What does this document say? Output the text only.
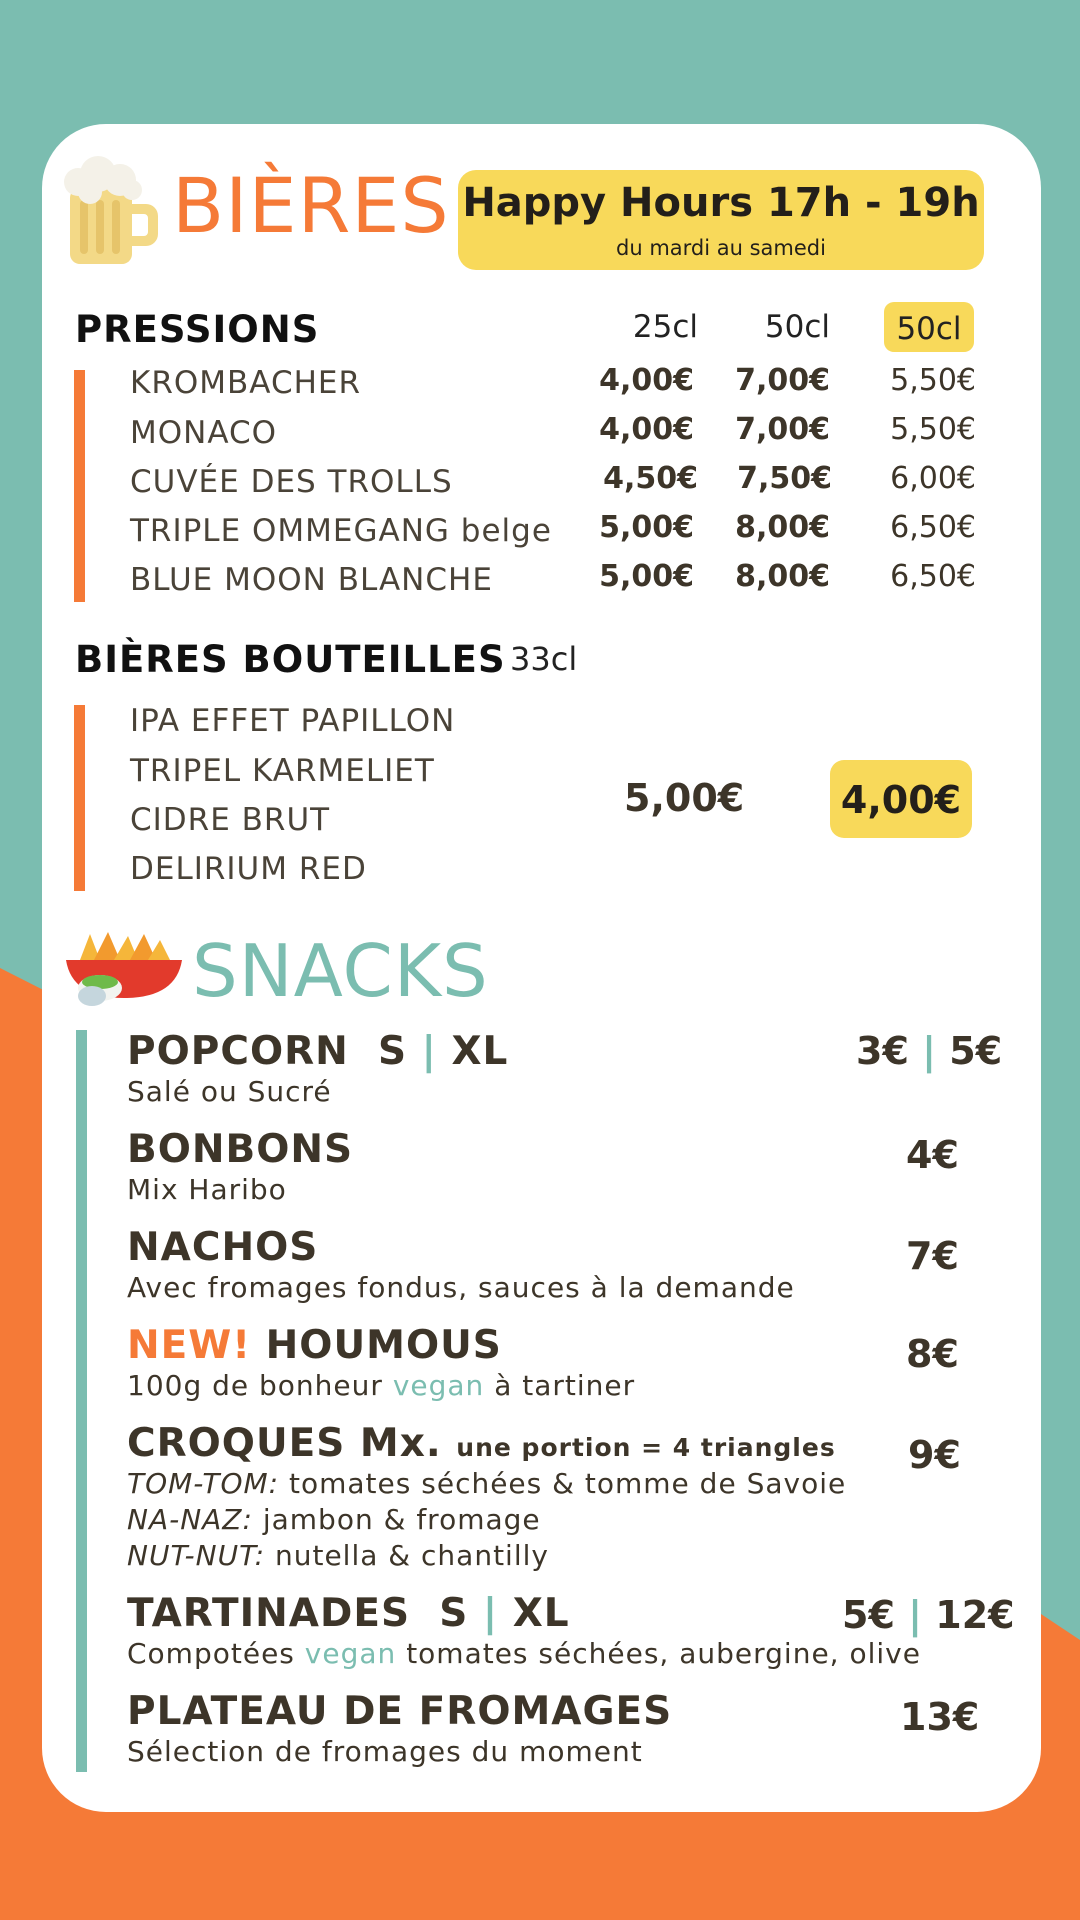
BIÈRES Happy Hours 17h - 19h
du mardi au samedi
PRESSIONS	25cl	50cl	50cl
KROMBACHER	4,00€	7,00€	5,50€
MONACO	4,00€	7,00€	5,50€
CUVÉE DES TROLLS	4,50€	7,50€	6,00€
TRIPLE OMMEGANG belge	5,00€	8,00€	6,50€
BLUE MOON BLANCHE	5,00€	8,00€	6,50€
BIÈRES BOUTEILLES 33cl
IPA EFFET PAPILLON
TRIPEL KARMELIET
CIDRE BRUT
DELIRIUM RED
5,00€	4,00€
SNACKS
POPCORN S | XL
Salé ou Sucré
3€ | 5€
BONBONS
Mix Haribo
4€
NACHOS
Avec fromages fondus, sauces à la demande
7€
NEW! HOUMOUS
100g de bonheur vegan à tartiner
8€
CROQUES Mx. une portion = 4 triangles
TOM-TOM: tomates séchées & tomme de Savoie
NA-NAZ: jambon & fromage
NUT-NUT: nutella & chantilly
9€
TARTINADES S | XL
Compotées vegan tomates séchées, aubergine, olive
5€ | 12€
PLATEAU DE FROMAGES
Sélection de fromages du moment
13€
